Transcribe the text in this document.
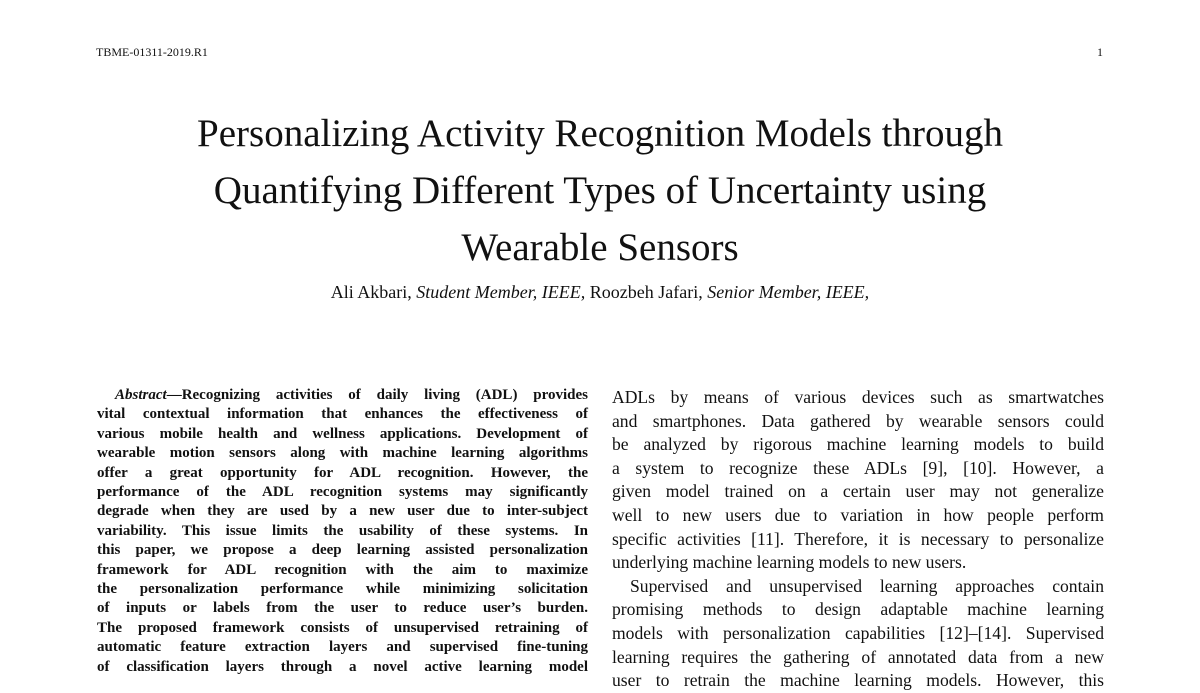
TBME-01311-2019.R1	1
Personalizing Activity Recognition Models through
Quantifying Different Types of Uncertainty using
Wearable Sensors
Ali Akbari, Student Member, IEEE, Roozbeh Jafari, Senior Member, IEEE,
Abstract—Recognizing activities of daily living (ADL) provides
vital contextual information that enhances the effectiveness of
various mobile health and wellness applications. Development of
wearable motion sensors along with machine learning algorithms
offer a great opportunity for ADL recognition. However, the
performance of the ADL recognition systems may significantly
degrade when they are used by a new user due to inter-subject
variability. This issue limits the usability of these systems. In
this paper, we propose a deep learning assisted personalization
framework for ADL recognition with the aim to maximize
the personalization performance while minimizing solicitation
of inputs or labels from the user to reduce user’s burden.
The proposed framework consists of unsupervised retraining of
automatic feature extraction layers and supervised fine-tuning
of classification layers through a novel active learning model
ADLs by means of various devices such as smartwatches
and smartphones. Data gathered by wearable sensors could
be analyzed by rigorous machine learning models to build
a system to recognize these ADLs [9], [10]. However, a
given model trained on a certain user may not generalize
well to new users due to variation in how people perform
specific activities [11]. Therefore, it is necessary to personalize
underlying machine learning models to new users.
Supervised and unsupervised learning approaches contain
promising methods to design adaptable machine learning
models with personalization capabilities [12]–[14]. Supervised
learning requires the gathering of annotated data from a new
user to retrain the machine learning models. However, this
